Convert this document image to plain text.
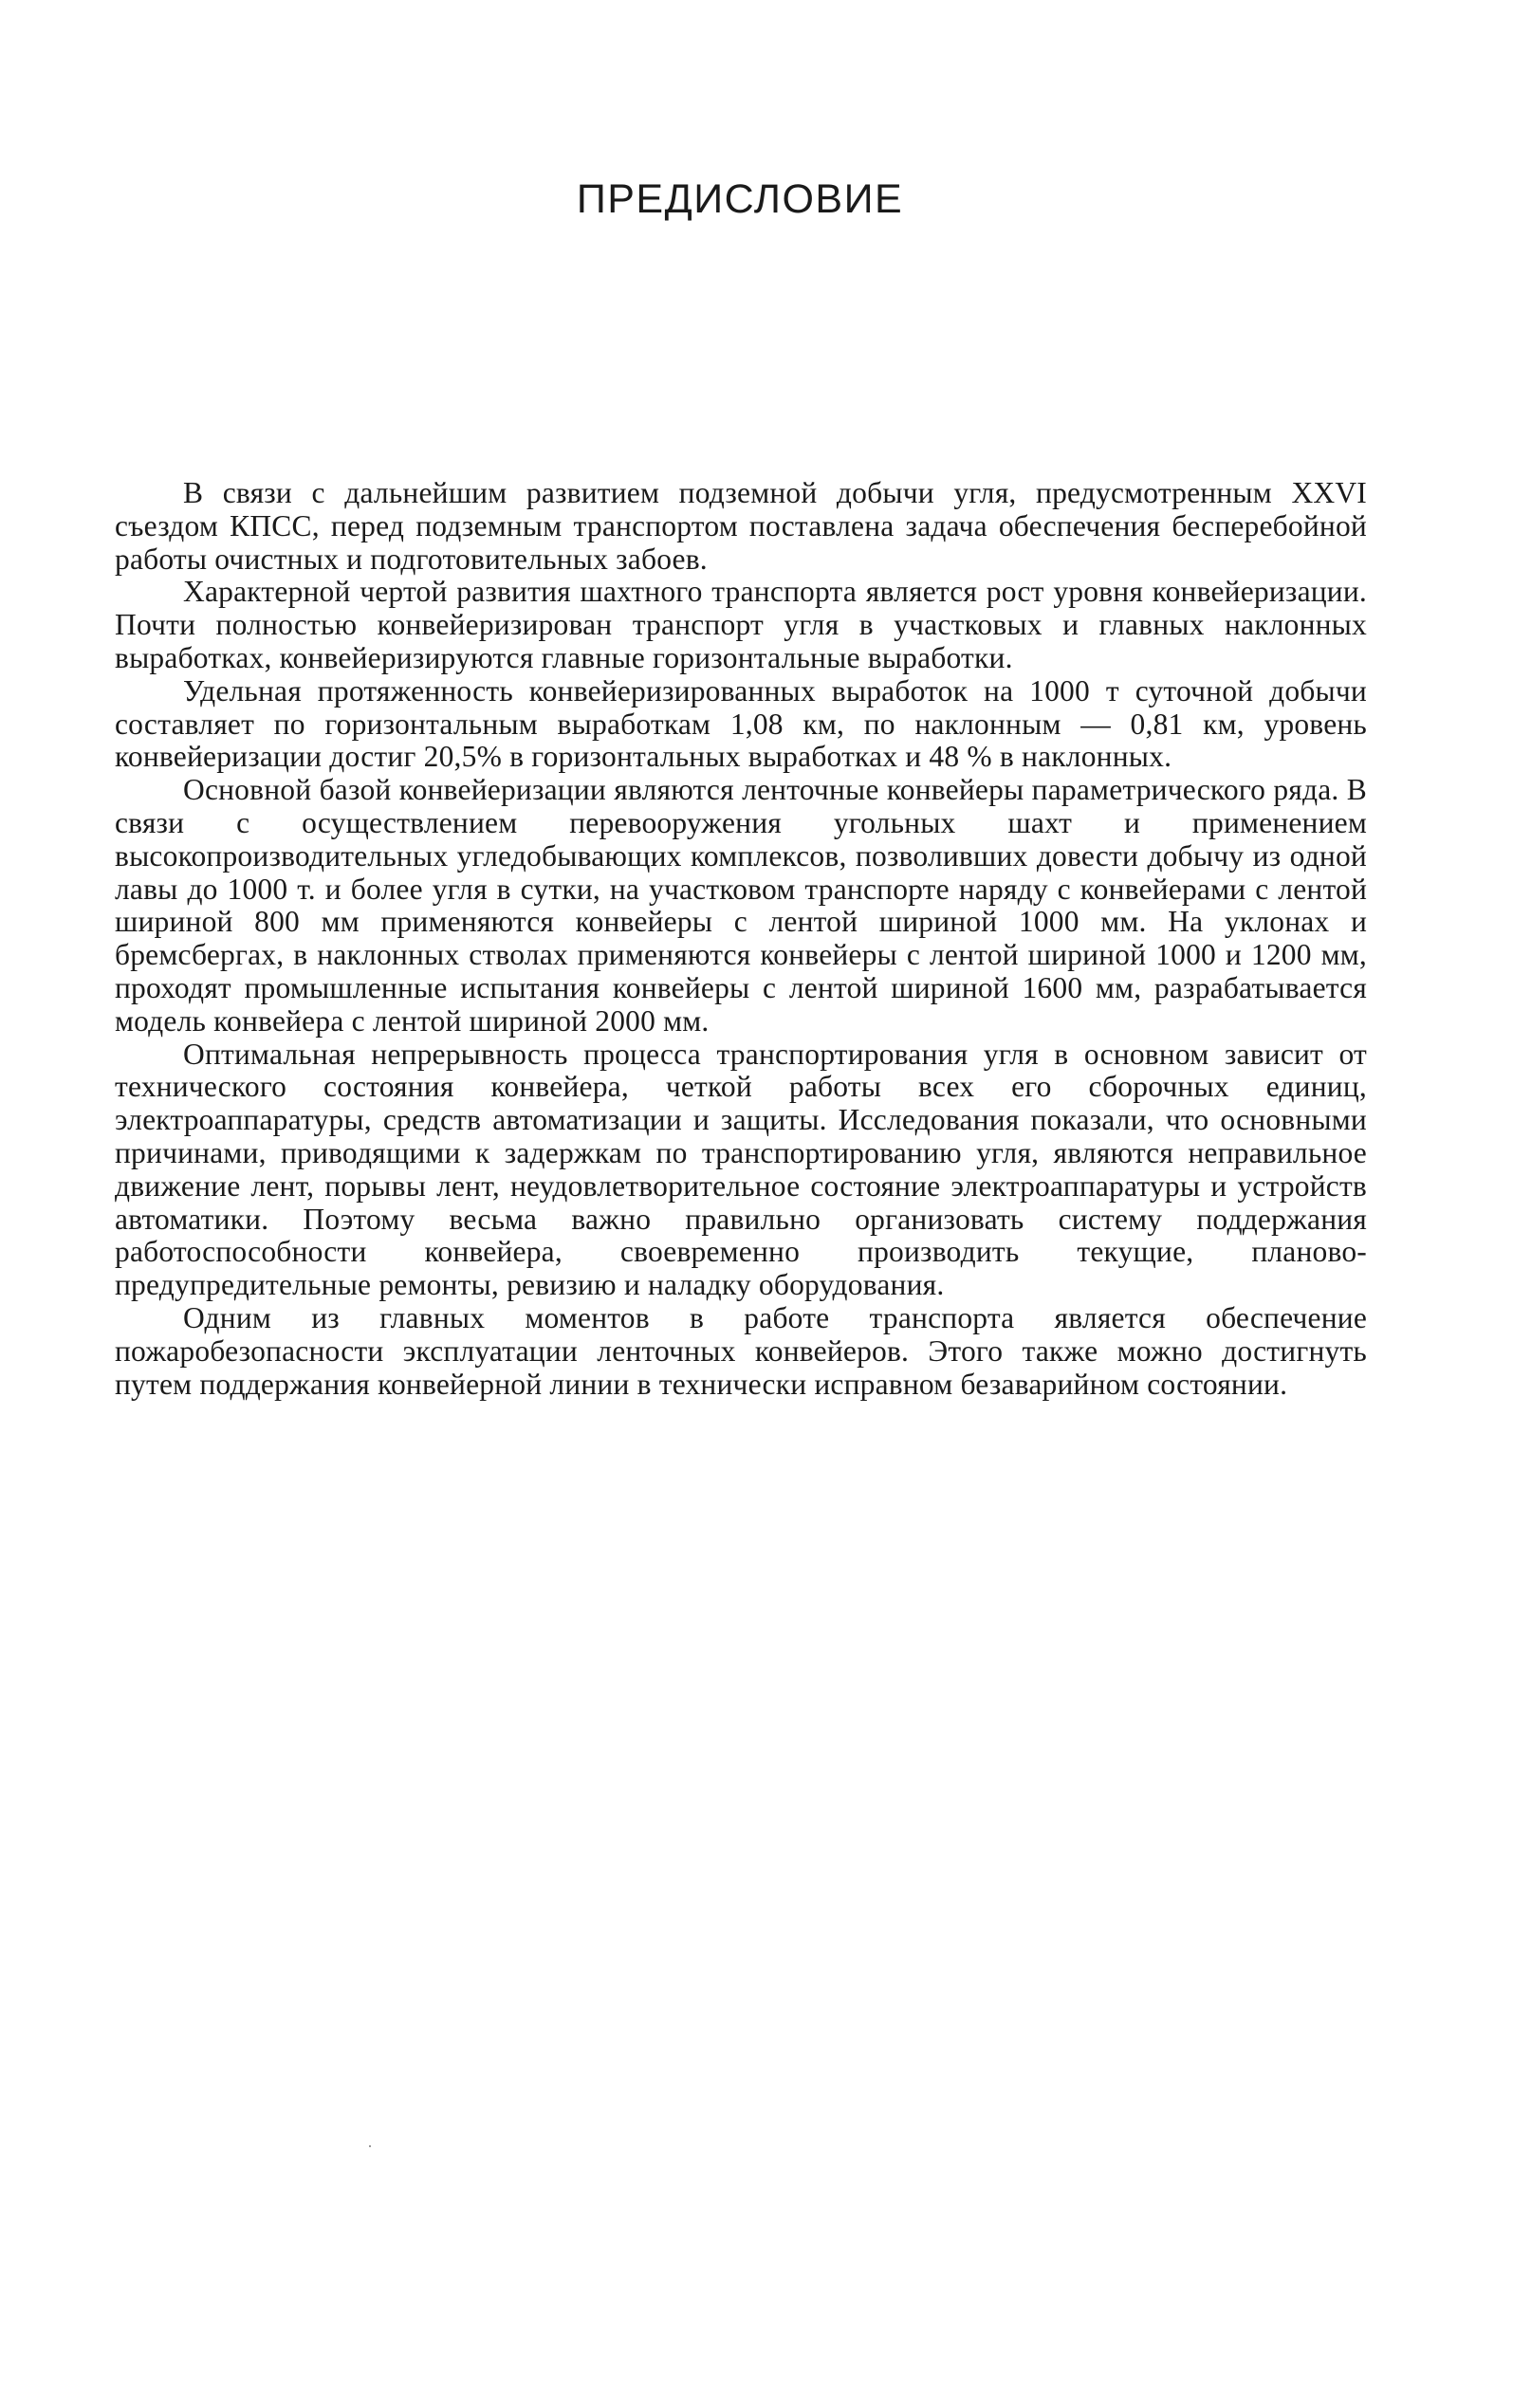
ПРЕДИСЛОВИЕ

В связи с дальнейшим развитием подземной добычи угля, предусмотренным XXVI съездом КПСС, перед подземным транспортом поставлена задача обеспечения бесперебойной работы очистных и подготовительных забоев.

Характерной чертой развития шахтного транспорта является рост уровня конвейеризации. Почти полностью конвейеризирован транспорт угля в участковых и главных наклонных выработках, конвейеризируются главные горизонтальные выработки.

Удельная протяженность конвейеризированных выработок на 1000 т суточной добычи составляет по горизонтальным выработкам 1,08 км, по наклонным — 0,81 км, уровень конвейеризации достиг 20,5% в горизонтальных выработках и 48 % в наклонных.

Основной базой конвейеризации являются ленточные конвейеры параметрического ряда. В связи с осуществлением перевооружения угольных шахт и применением высокопроизводительных угледобывающих комплексов, позволивших довести добычу из одной лавы до 1000 т. и более угля в сутки, на участковом транспорте наряду с конвейерами с лентой шириной 800 мм применяются конвейеры с лентой шириной 1000 мм. На уклонах и бремсбергах, в наклонных стволах применяются конвейеры с лентой шириной 1000 и 1200 мм, проходят промышленные испытания конвейеры с лентой шириной 1600 мм, разрабатывается модель конвейера с лентой шириной 2000 мм.

Оптимальная непрерывность процесса транспортирования угля в основном зависит от технического состояния конвейера, четкой работы всех его сборочных единиц, электроаппаратуры, средств автоматизации и защиты. Исследования показали, что основными причинами, приводящими к задержкам по транспортированию угля, являются неправильное движение лент, порывы лент, неудовлетворительное состояние электроаппаратуры и устройств автоматики. Поэтому весьма важно правильно организовать систему поддержания работоспособности конвейера, своевременно производить текущие, планово-предупредительные ремонты, ревизию и наладку оборудования.

Одним из главных моментов в работе транспорта является обеспечение пожаробезопасности эксплуатации ленточных конвейеров. Этого также можно достигнуть путем поддержания конвейерной линии в технически исправном безаварийном состоянии.
